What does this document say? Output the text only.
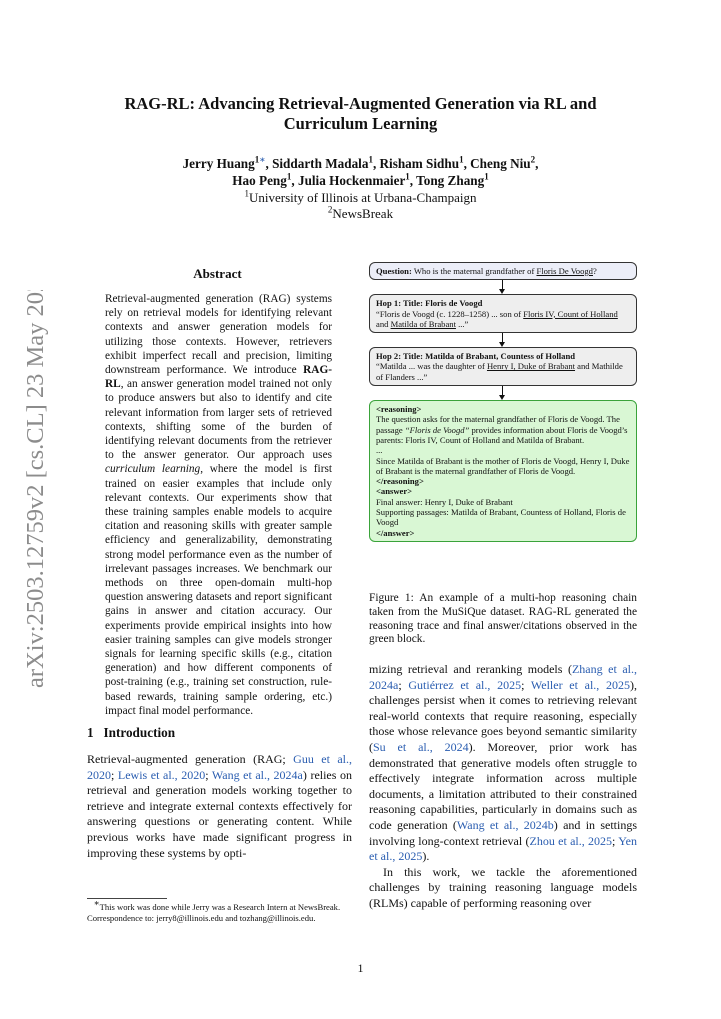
arXiv:2503.12759v2 [cs.CL] 23 May 2025
RAG-RL: Advancing Retrieval-Augmented Generation via RL and
Curriculum Learning
Jerry Huang$^{1∗}$, Siddarth Madala$^1$, Risham Sidhu$^1$, Cheng Niu$^2$,
Hao Peng$^1$, Julia Hockenmaier$^1$, Tong Zhang$^1$
$^1$University of Illinois at Urbana-Champaign
$^2$NewsBreak
Abstract
Retrieval-augmented generation (RAG) systems rely on retrieval models for identifying relevant contexts and answer generation models for utilizing those contexts. However, retrievers exhibit imperfect recall and precision, limiting downstream performance. We introduce RAG-RL, an answer generation model trained not only to produce answers but also to identify and cite relevant information from larger sets of retrieved contexts, shifting some of the burden of identifying relevant documents from the retriever to the answer generator. Our approach uses curriculum learning, where the model is first trained on easier examples that include only relevant contexts. Our experiments show that these training samples enable models to acquire citation and reasoning skills with greater sample efficiency and generalizability, demonstrating strong model performance even as the number of irrelevant passages increases. We benchmark our methods on three open-domain multi-hop question answering datasets and report significant gains in answer and citation accuracy. Our experiments provide empirical insights into how easier training samples can give models stronger signals for learning specific skills (e.g., citation generation) and how different components of post-training (e.g., training set construction, rule-based rewards, training sample ordering, etc.) impact final model performance.
1 Introduction
Retrieval-augmented generation (RAG; Guu et al., 2020; Lewis et al., 2020; Wang et al., 2024a) relies on retrieval and generation models working together to retrieve and integrate external contexts effectively for answering questions or generating content. While previous works have made significant progress in improving these systems by opti-
∗This work was done while Jerry was a Research Intern at NewsBreak. Correspondence to: jerry8@illinois.edu and tozhang@illinois.edu.
Question: Who is the maternal grandfather of Floris De Voogd?
Hop 1: Title: Floris de Voogd
“Floris de Voogd (c. 1228–1258) ... son of Floris IV, Count of Holland and Matilda of Brabant ...”
Hop 2: Title: Matilda of Brabant, Countess of Holland
“Matilda ... was the daughter of Henry I, Duke of Brabant and Mathilde of Flanders ...”
<reasoning>
The question asks for the maternal grandfather of Floris de Voogd. The passage “Floris de Voogd” provides information about Floris de Voogd’s parents: Floris IV, Count of Holland and Matilda of Brabant.
...
Since Matilda of Brabant is the mother of Floris de Voogd, Henry I, Duke of Brabant is the maternal grandfather of Floris de Voogd.
</reasoning>
<answer>
Final answer: Henry I, Duke of Brabant
Supporting passages: Matilda of Brabant, Countess of Holland, Floris de Voogd
</answer>
Figure 1: An example of a multi-hop reasoning chain taken from the MuSiQue dataset. RAG-RL generated the reasoning trace and final answer/citations observed in the green block.

mizing retrieval and reranking models (Zhang et al., 2024a; Gutiérrez et al., 2025; Weller et al., 2025), challenges persist when it comes to retrieving relevant real-world contexts that require reasoning, especially those whose relevance goes beyond semantic similarity (Su et al., 2024). Moreover, prior work has demonstrated that generative models often struggle to effectively integrate information across multiple documents, a limitation attributed to their constrained reasoning capabilities, particularly in domains such as code generation (Wang et al., 2024b) and in settings involving long-context retrieval (Zhou et al., 2025; Yen et al., 2025).

In this work, we tackle the aforementioned challenges by training reasoning language models (RLMs) capable of performing reasoning over

1
